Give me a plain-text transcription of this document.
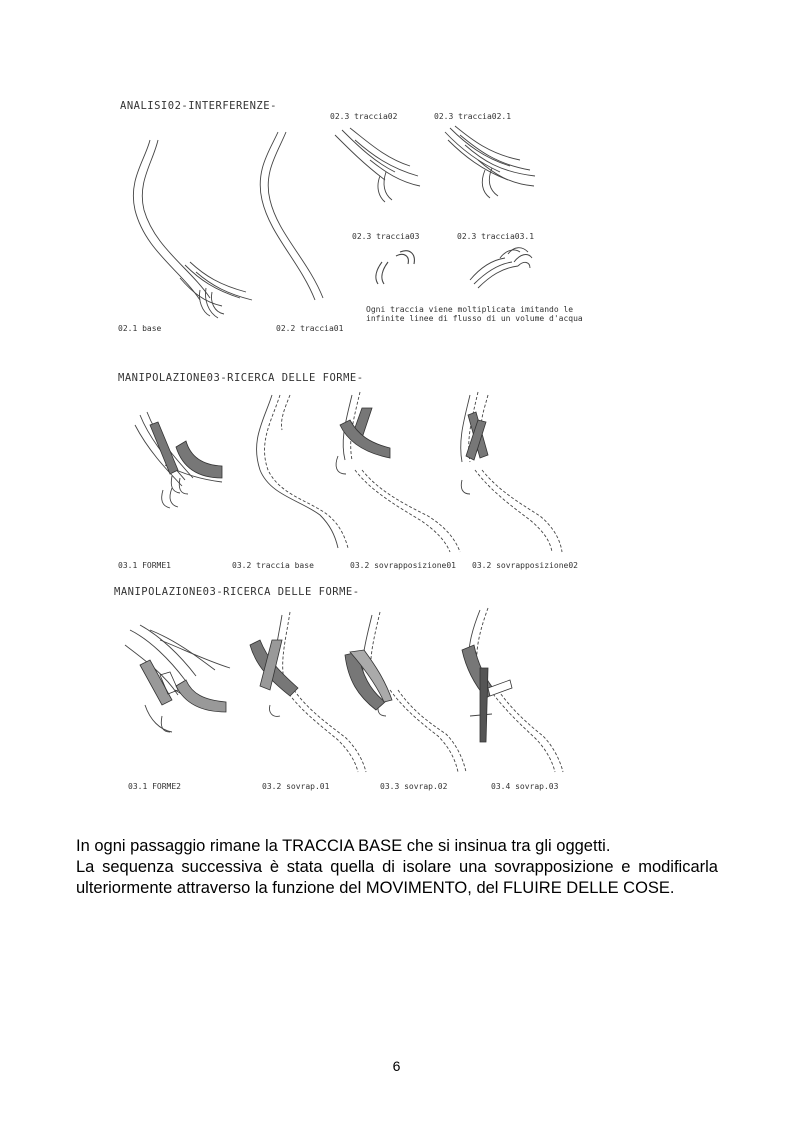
ANALISI02-INTERFERENZE-
02.3 traccia02	02.3 traccia02.1
02.3 traccia03	02.3 traccia03.1
Ogni traccia viene moltiplicata imitando le
infinite linee di flusso di un volume d'acqua
02.1 base	02.2 traccia01
MANIPOLAZIONE03-RICERCA DELLE FORME-
03.1 FORME1	03.2 traccia base	03.2 sovrapposizione01 03.2 sovrapposizione02
MANIPOLAZIONE03-RICERCA DELLE FORME-
03.1 FORME2	03.2 sovrap.01	03.3 sovrap.02	03.4 sovrap.03

In ogni passaggio rimane la TRACCIA BASE che si insinua tra gli oggetti.

La sequenza successiva è stata quella di isolare una sovrapposizione e modificarla ulteriormente attraverso la funzione del MOVIMENTO, del FLUIRE DELLE COSE.

6
